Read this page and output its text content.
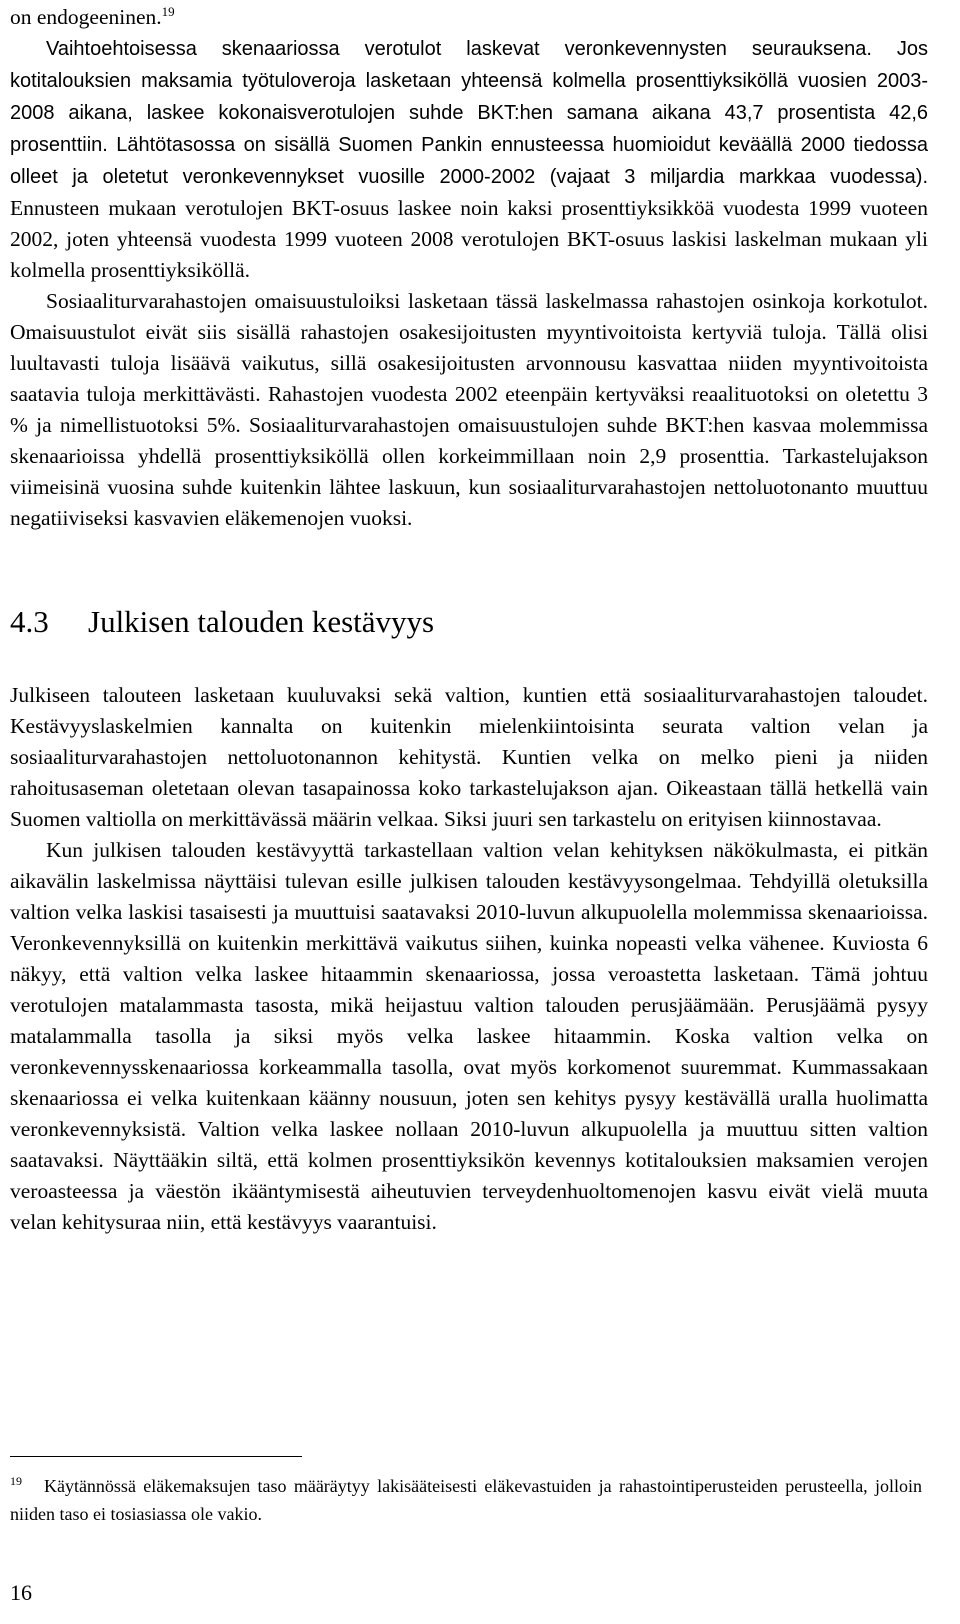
on endogeeninen.$^{19}$

Vaihtoehtoisessa skenaariossa verotulot laskevat veronkevennysten seurauksena. Jos kotitalouksien maksamia työtuloveroja lasketaan yhteensä kolmella prosenttiyksiköllä vuosien 2003-2008 aikana, laskee kokonaisverotulojen suhde BKT:hen samana aikana 43,7 prosentista 42,6 prosenttiin. Lähtötasossa on sisällä Suomen Pankin ennusteessa huomioidut keväällä 2000 tiedossa olleet ja oletetut veronkevennykset vuosille 2000-2002 (vajaat 3 miljardia markkaa vuodessa). Ennusteen mukaan verotulojen BKT-osuus laskee noin kaksi prosenttiyksikköä vuodesta 1999 vuoteen 2002, joten yhteensä vuodesta 1999 vuoteen 2008 verotulojen BKT-osuus laskisi laskelman mukaan yli kolmella prosenttiyksiköllä.

Sosiaaliturvarahastojen omaisuustuloiksi lasketaan tässä laskelmassa rahastojen osinkoja korkotulot. Omaisuustulot eivät siis sisällä rahastojen osakesijoitusten myyntivoitoista kertyviä tuloja. Tällä olisi luultavasti tuloja lisäävä vaikutus, sillä osakesijoitusten arvonnousu kasvattaa niiden myyntivoitoista saatavia tuloja merkittävästi. Rahastojen vuodesta 2002 eteenpäin kertyväksi reaalituotoksi on oletettu 3 % ja nimellistuotoksi 5%. Sosiaaliturvarahastojen omaisuustulojen suhde BKT:hen kasvaa molemmissa skenaarioissa yhdellä prosenttiyksiköllä ollen korkeimmillaan noin 2,9 prosenttia. Tarkastelujakson viimeisinä vuosina suhde kuitenkin lähtee laskuun, kun sosiaaliturvarahastojen nettoluotonanto muuttuu negatiiviseksi kasvavien eläkemenojen vuoksi.

4.3 Julkisen talouden kestävyys

Julkiseen talouteen lasketaan kuuluvaksi sekä valtion, kuntien että sosiaaliturvarahastojen taloudet. Kestävyyslaskelmien kannalta on kuitenkin mielenkiintoisinta seurata valtion velan ja sosiaaliturvarahastojen nettoluotonannon kehitystä. Kuntien velka on melko pieni ja niiden rahoitusaseman oletetaan olevan tasapainossa koko tarkastelujakson ajan. Oikeastaan tällä hetkellä vain Suomen valtiolla on merkittävässä määrin velkaa. Siksi juuri sen tarkastelu on erityisen kiinnostavaa.

Kun julkisen talouden kestävyyttä tarkastellaan valtion velan kehityksen näkökulmasta, ei pitkän aikavälin laskelmissa näyttäisi tulevan esille julkisen talouden kestävyysongelmaa. Tehdyillä oletuksilla valtion velka laskisi tasaisesti ja muuttuisi saatavaksi 2010-luvun alkupuolella molemmissa skenaarioissa. Veronkevennyksillä on kuitenkin merkittävä vaikutus siihen, kuinka nopeasti velka vähenee. Kuviosta 6 näkyy, että valtion velka laskee hitaammin skenaariossa, jossa veroastetta lasketaan. Tämä johtuu verotulojen matalammasta tasosta, mikä heijastuu valtion talouden perusjäämään. Perusjäämä pysyy matalammalla tasolla ja siksi myös velka laskee hitaammin. Koska valtion velka on veronkevennysskenaariossa korkeammalla tasolla, ovat myös korkomenot suuremmat. Kummassakaan skenaariossa ei velka kuitenkaan käänny nousuun, joten sen kehitys pysyy kestävällä uralla huolimatta veronkevennyksistä. Valtion velka laskee nollaan 2010-luvun alkupuolella ja muuttuu sitten valtion saatavaksi. Näyttääkin siltä, että kolmen prosenttiyksikön kevennys kotitalouksien maksamien verojen veroasteessa ja väestön ikääntymisestä aiheutuvien terveydenhuoltomenojen kasvu eivät vielä muuta velan kehitysuraa niin, että kestävyys vaarantuisi.

$^{19}$ Käytännössä eläkemaksujen taso määräytyy lakisääteisesti eläkevastuiden ja rahastointiperusteiden perusteella, jolloin niiden taso ei tosiasiassa ole vakio.
16
